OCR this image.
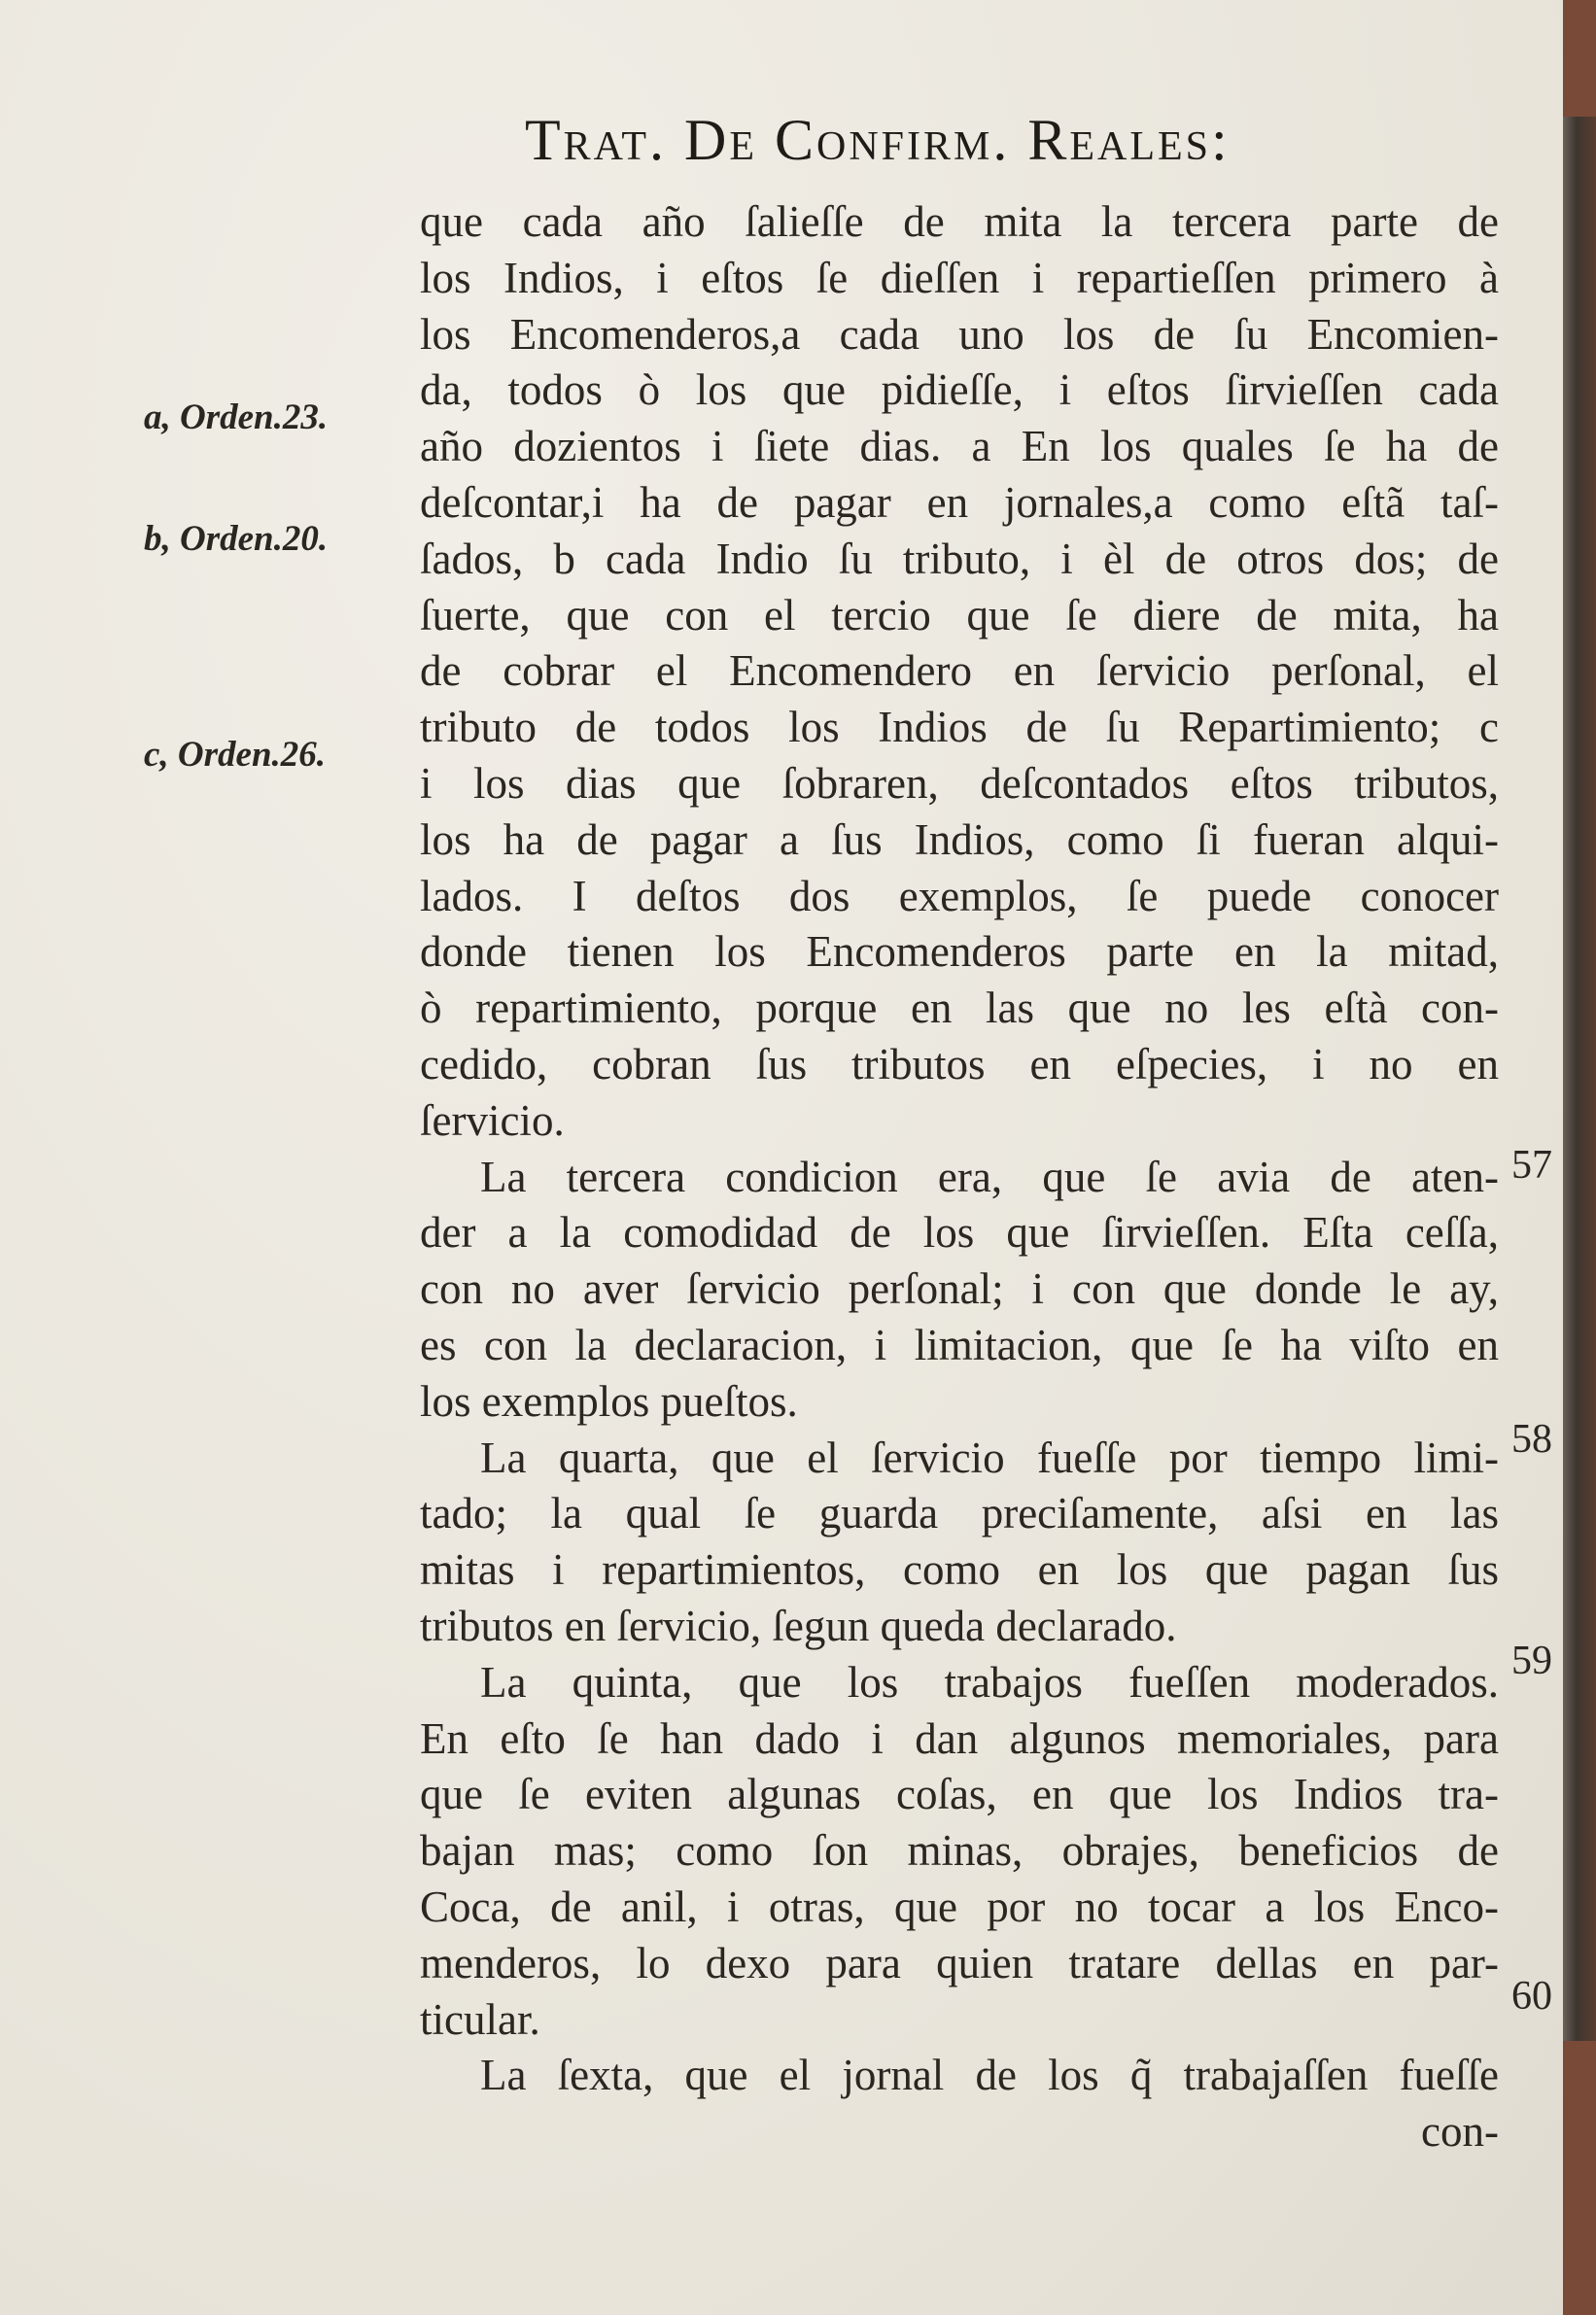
Trat. De Confirm. Reales:
que cada año ſalieſſe de mita la tercera parte de
los Indios, i eſtos ſe dieſſen i repartieſſen primero à
los Encomenderos,a cada uno los de ſu Encomien-
da, todos ò los que pidieſſe, i eſtos ſirvieſſen cada
año dozientos i ſiete dias. a En los quales ſe ha de
deſcontar,i ha de pagar en jornales,a como eſtã taſ-
ſados, b cada Indio ſu tributo, i èl de otros dos; de
ſuerte, que con el tercio que ſe diere de mita, ha
de cobrar el Encomendero en ſervicio perſonal, el
tributo de todos los Indios de ſu Repartimiento; c
i los dias que ſobraren, deſcontados eſtos tributos,
los ha de pagar a ſus Indios, como ſi fueran alqui-
lados. I deſtos dos exemplos, ſe puede conocer
donde tienen los Encomenderos parte en la mitad,
ò repartimiento, porque en las que no les eſtà con-
cedido, cobran ſus tributos en eſpecies, i no en
ſervicio.
La tercera condicion era, que ſe avia de aten-
der a la comodidad de los que ſirvieſſen. Eſta ceſſa,
con no aver ſervicio perſonal; i con que donde le ay,
es con la declaracion, i limitacion, que ſe ha viſto en
los exemplos pueſtos.
La quarta, que el ſervicio fueſſe por tiempo limi-
tado; la qual ſe guarda preciſamente, aſsi en las
mitas i repartimientos, como en los que pagan ſus
tributos en ſervicio, ſegun queda declarado.
La quinta, que los trabajos fueſſen moderados.
En eſto ſe han dado i dan algunos memoriales, para
que ſe eviten algunas coſas, en que los Indios tra-
bajan mas; como ſon minas, obrajes, beneficios de
Coca, de anil, i otras, que por no tocar a los Enco-
menderos, lo dexo para quien tratare dellas en par-
ticular.
La ſexta, que el jornal de los q̃ trabajaſſen fueſſe
con-
a, Orden.23.
b, Orden.20.
c, Orden.26.
57
58
59
60
